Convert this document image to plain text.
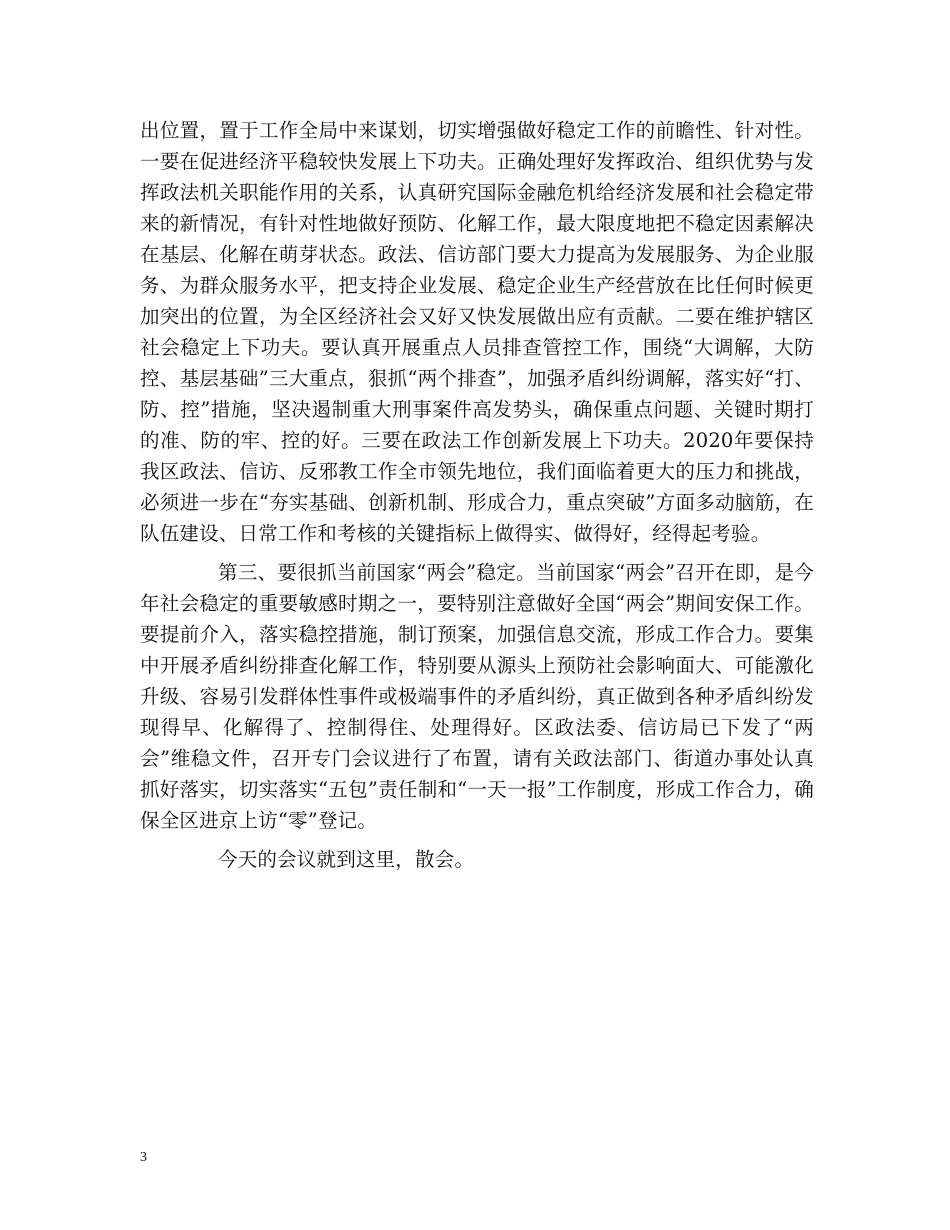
出位置，置于工作全局中来谋划，切实增强做好稳定工作的前瞻性、针对性。一要在促进经济平稳较快发展上下功夫。正确处理好发挥政治、组织优势与发挥政法机关职能作用的关系，认真研究国际金融危机给经济发展和社会稳定带来的新情况，有针对性地做好预防、化解工作，最大限度地把不稳定因素解决在基层、化解在萌芽状态。政法、信访部门要大力提高为发展服务、为企业服务、为群众服务水平，把支持企业发展、稳定企业生产经营放在比任何时候更加突出的位置，为全区经济社会又好又快发展做出应有贡献。二要在维护辖区社会稳定上下功夫。要认真开展重点人员排查管控工作，围绕“大调解，大防控、基层基础”三大重点，狠抓“两个排查”，加强矛盾纠纷调解，落实好“打、防、控”措施，坚决遏制重大刑事案件高发势头，确保重点问题、关键时期打的准、防的牢、控的好。三要在政法工作创新发展上下功夫。2020年要保持我区政法、信访、反邪教工作全市领先地位，我们面临着更大的压力和挑战，必须进一步在“夯实基础、创新机制、形成合力，重点突破”方面多动脑筋，在队伍建设、日常工作和考核的关键指标上做得实、做得好，经得起考验。

第三、要很抓当前国家“两会”稳定。当前国家“两会”召开在即，是今年社会稳定的重要敏感时期之一，要特别注意做好全国“两会”期间安保工作。要提前介入，落实稳控措施，制订预案，加强信息交流，形成工作合力。要集中开展矛盾纠纷排查化解工作，特别要从源头上预防社会影响面大、可能激化升级、容易引发群体性事件或极端事件的矛盾纠纷，真正做到各种矛盾纠纷发现得早、化解得了、控制得住、处理得好。区政法委、信访局已下发了“两会”维稳文件，召开专门会议进行了布置，请有关政法部门、街道办事处认真抓好落实，切实落实“五包”责任制和“一天一报”工作制度，形成工作合力，确保全区进京上访“零”登记。

今天的会议就到这里，散会。

3
